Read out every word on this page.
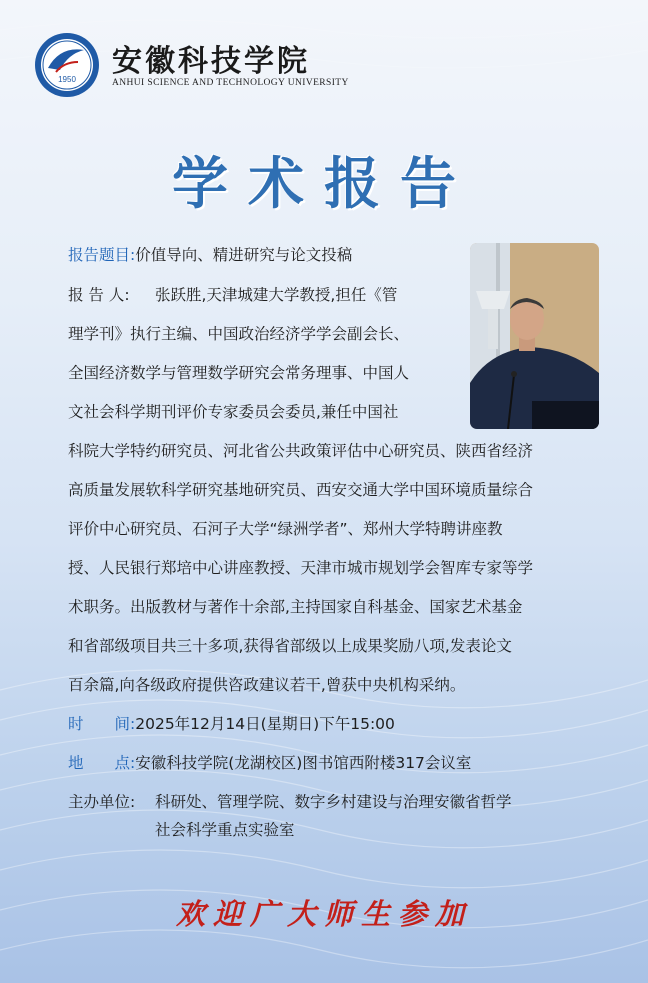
1950
安徽科技学院
ANHUI SCIENCE AND TECHNOLOGY UNIVERSITY
学术报告
报告题目:价值导向、精进研究与论文投稿
报 告 人: 张跃胜,天津城建大学教授,担任《管
理学刊》执行主编、中国政治经济学学会副会长、
全国经济数学与管理数学研究会常务理事、中国人
文社会科学期刊评价专家委员会委员,兼任中国社
科院大学特约研究员、河北省公共政策评估中心研究员、陕西省经济
高质量发展软科学研究基地研究员、西安交通大学中国环境质量综合
评价中心研究员、石河子大学“绿洲学者”、郑州大学特聘讲座教
授、人民银行郑培中心讲座教授、天津市城市规划学会智库专家等学
术职务。出版教材与著作十余部,主持国家自科基金、国家艺术基金
和省部级项目共三十多项,获得省部级以上成果奖励八项,发表论文
百余篇,向各级政府提供咨政建议若干,曾获中央机构采纳。
时　　间:2025年12月14日(星期日)下午15:00
地　　点:安徽科技学院(龙湖校区)图书馆西附楼317会议室
主办单位: 科研处、管理学院、数字乡村建设与治理安徽省哲学
社会科学重点实验室
欢迎广大师生参加
